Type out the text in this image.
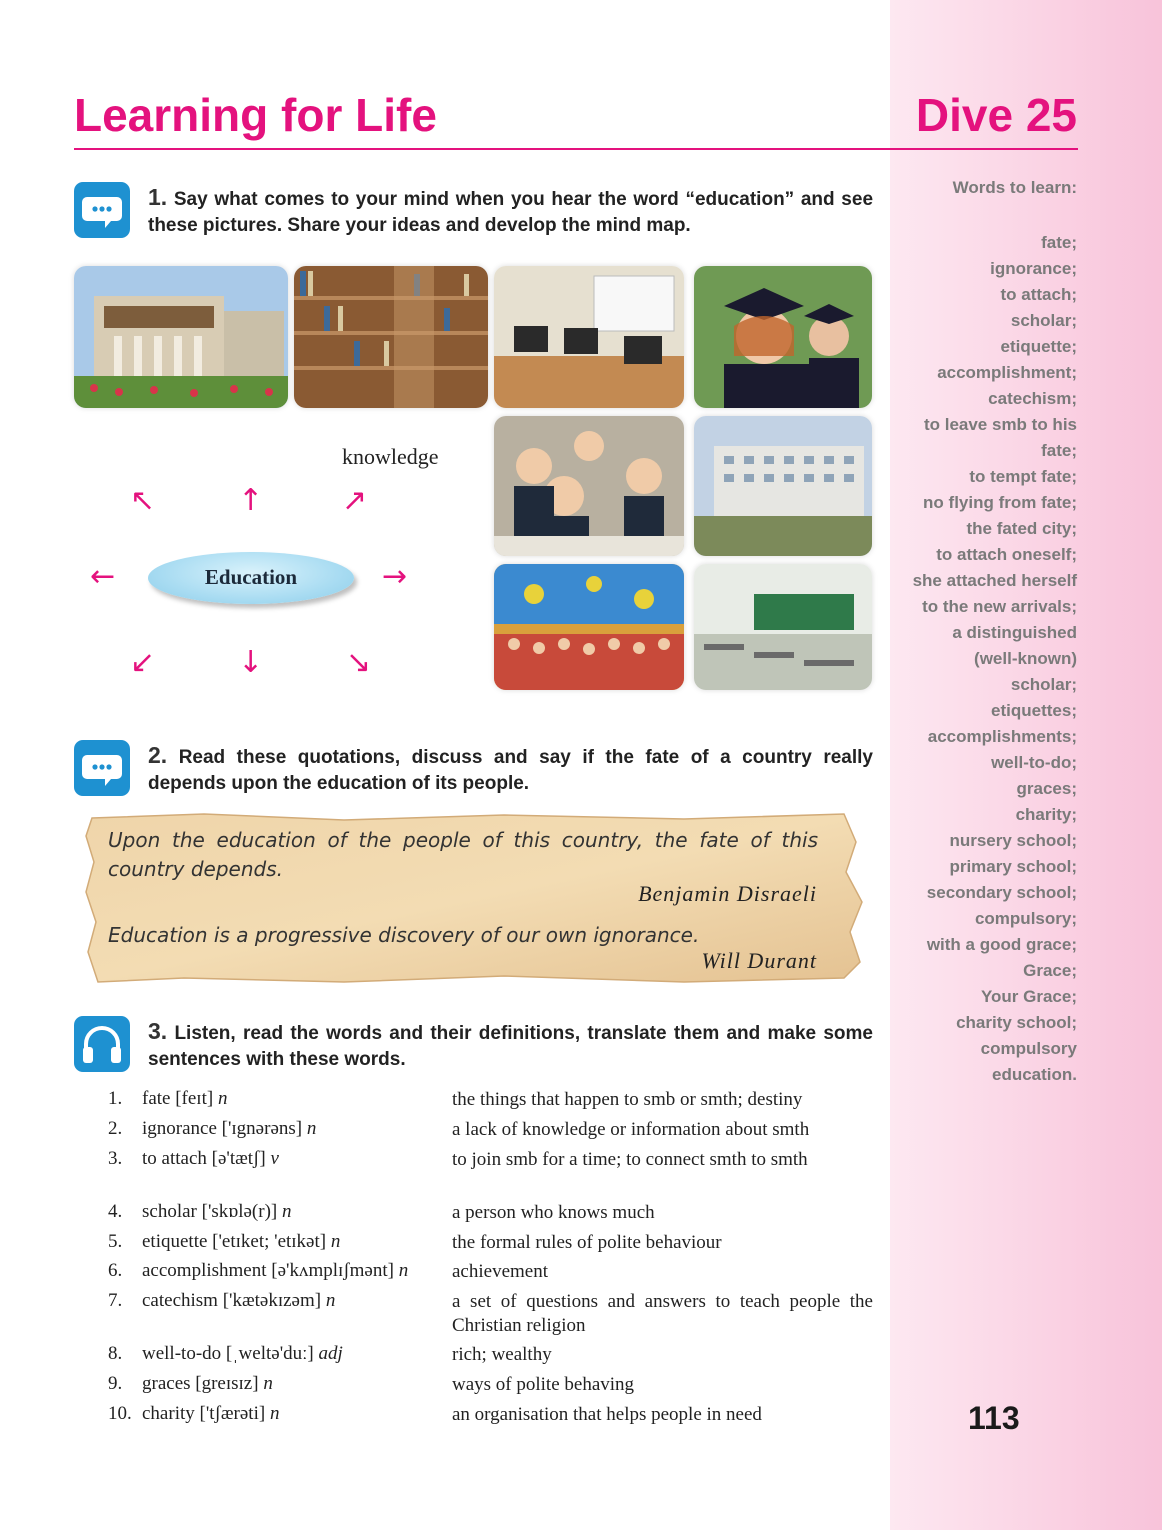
Learning for Life	Dive 25
Words to learn:
fate;
ignorance;
to attach;
scholar;
etiquette;
accomplishment;
catechism;
to leave smb to his
fate;
to tempt fate;
no flying from fate;
the fated city;
to attach oneself;
she attached herself
to the new arrivals;
a distinguished
(well-known)
scholar;
etiquettes;
accomplishments;
well-to-do;
graces;
charity;
nursery school;
primary school;
secondary school;
compulsory;
with a good grace;
Grace;
Your Grace;
charity school;
compulsory
education.
1. Say what comes to your mind when you hear the word “education” and see these pictures. Share your ideas and develop the mind map.
knowledge
↖	↑	↗
←	→
↙	↓	↘
Education
2. Read these quotations, discuss and say if the fate of a country really depends upon the education of its people.
Upon the education of the people of this country, the fate of this country depends.
Benjamin Disraeli
Education is a progressive discovery of our own ignorance.
Will Durant
3. Listen, read the words and their definitions, translate them and make some sentences with these words.
1.	fate [feɪt] n	the things that happen to smb or smth; destiny
2.	ignorance ['ɪgnərəns] n	a lack of knowledge or information about smth
3.	to attach [ə'tætʃ] v	to join smb for a time; to connect smth to smth
4.	scholar ['skɒlə(r)] n	a person who knows much
5.	etiquette ['etɪket; 'etɪkət] n	the formal rules of polite behaviour
6.	accomplishment [ə'kʌmplɪʃmənt] n	achievement
7.	catechism ['kætəkɪzəm] n	a set of questions and answers to teach people the Christian religion
8.	well-to-do [ˌweltə'duː] adj	rich; wealthy
9.	graces [greɪsɪz] n	ways of polite behaving
10. charity ['tʃærəti] n	an organisation that helps people in need	113
